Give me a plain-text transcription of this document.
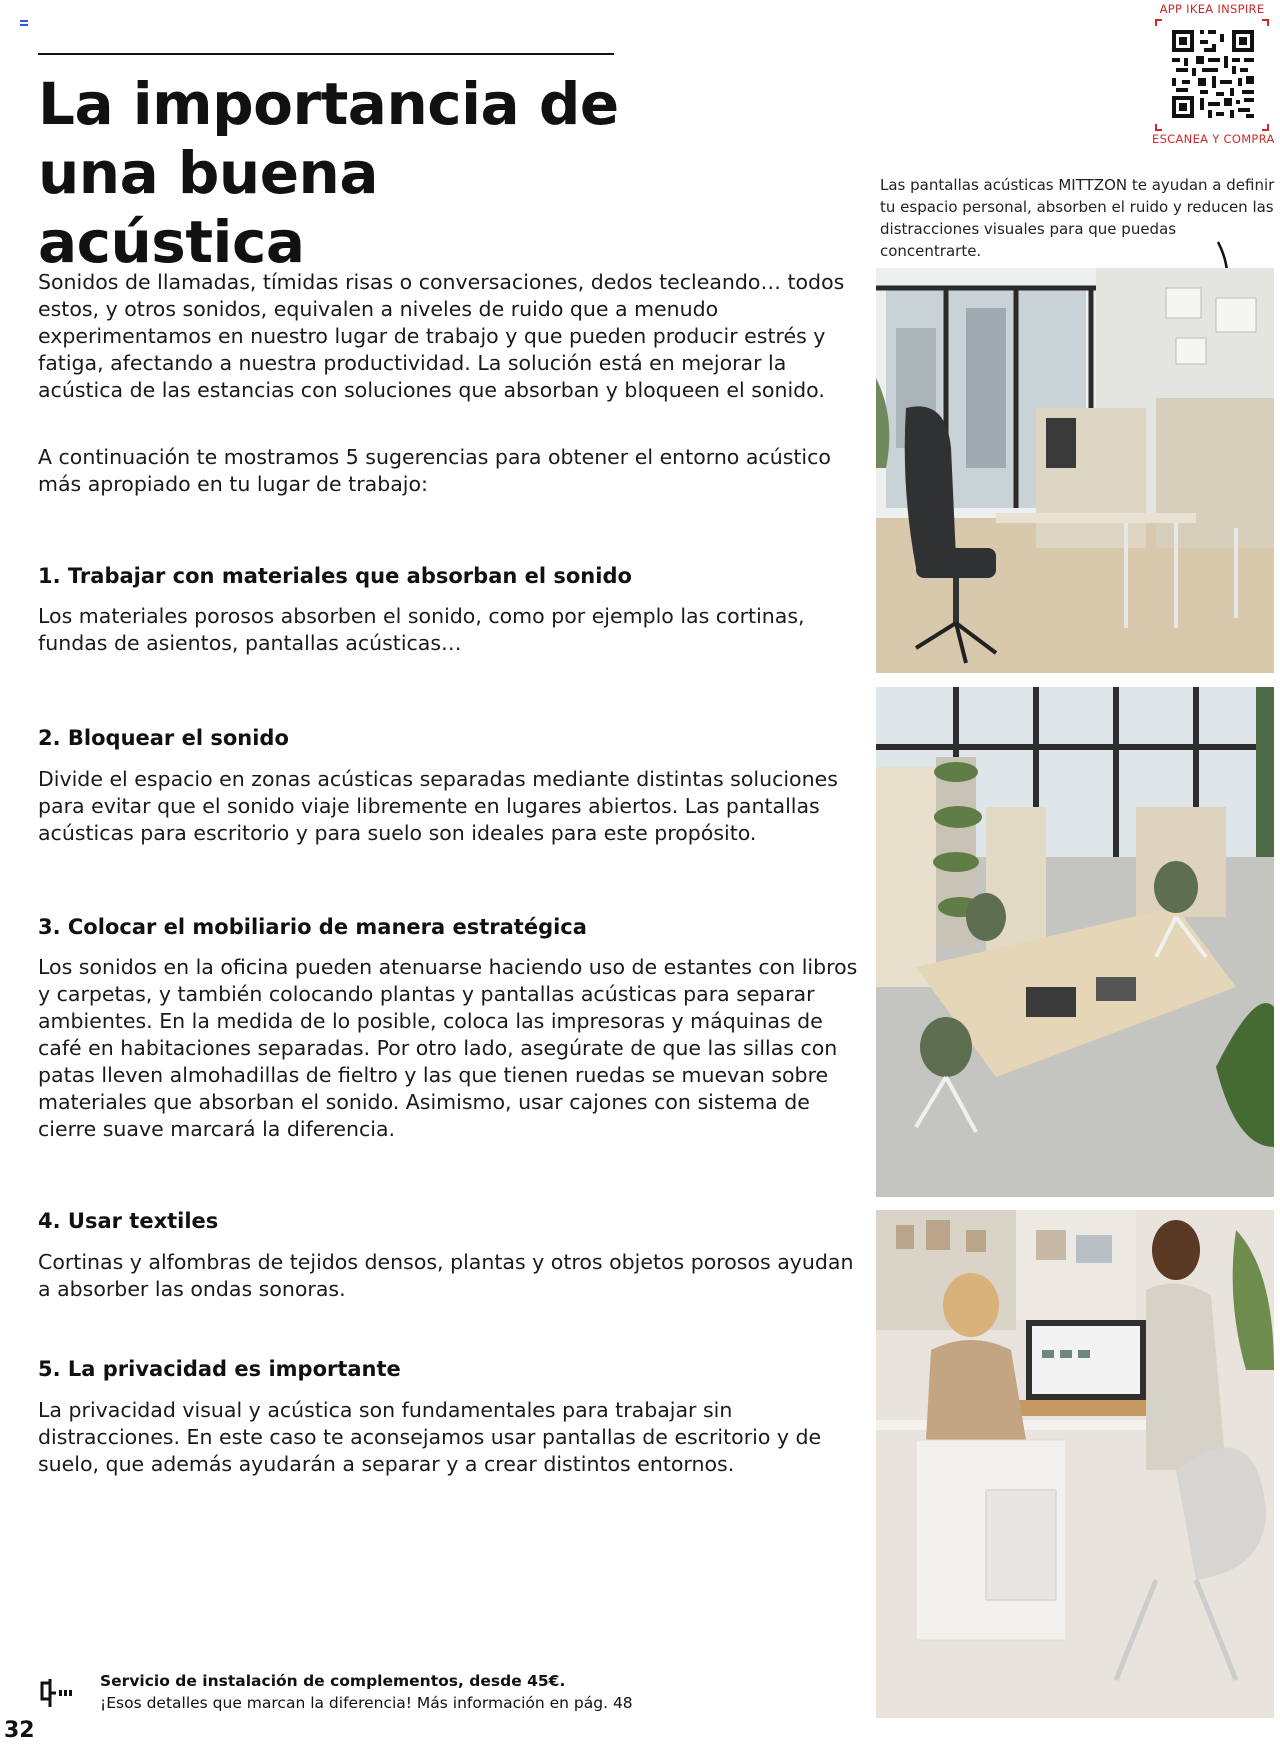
La importancia de
una buena acústica
APP IKEA INSPIRE
ESCANEA Y COMPRA

Las pantallas acústicas MITTZON te ayudan a definir tu espacio personal, absorben el ruido y reducen las distracciones visuales para que puedas concentrarte.

Sonidos de llamadas, tímidas risas o conversaciones, dedos tecleando… todos estos, y otros sonidos, equivalen a niveles de ruido que a menudo experimentamos en nuestro lugar de trabajo y que pueden producir estrés y fatiga, afectando a nuestra productividad. La solución está en mejorar la acústica de las estancias con soluciones que absorban y bloqueen el sonido.

A continuación te mostramos 5 sugerencias para obtener el entorno acústico más apropiado en tu lugar de trabajo:

1. Trabajar con materiales que absorban el sonido

Los materiales porosos absorben el sonido, como por ejemplo las cortinas, fundas de asientos, pantallas acústicas…

2. Bloquear el sonido

Divide el espacio en zonas acústicas separadas mediante distintas soluciones para evitar que el sonido viaje libremente en lugares abiertos. Las pantallas acústicas para escritorio y para suelo son ideales para este propósito.

3. Colocar el mobiliario de manera estratégica

Los sonidos en la oficina pueden atenuarse haciendo uso de estantes con libros y carpetas, y también colocando plantas y pantallas acústicas para separar ambientes. En la medida de lo posible, coloca las impresoras y máquinas de café en habitaciones separadas. Por otro lado, asegúrate de que las sillas con patas lleven almohadillas de fieltro y las que tienen ruedas se muevan sobre materiales que absorban el sonido. Asimismo, usar cajones con sistema de cierre suave marcará la diferencia.

4. Usar textiles

Cortinas y alfombras de tejidos densos, plantas y otros objetos porosos ayudan a absorber las ondas sonoras.

5. La privacidad es importante

La privacidad visual y acústica son fundamentales para trabajar sin distracciones. En este caso te aconsejamos usar pantallas de escritorio y de suelo, que además ayudarán a separar y a crear distintos entornos.

Servicio de instalación de complementos, desde 45€.
¡Esos detalles que marcan la diferencia! Más información en pág. 48
32
